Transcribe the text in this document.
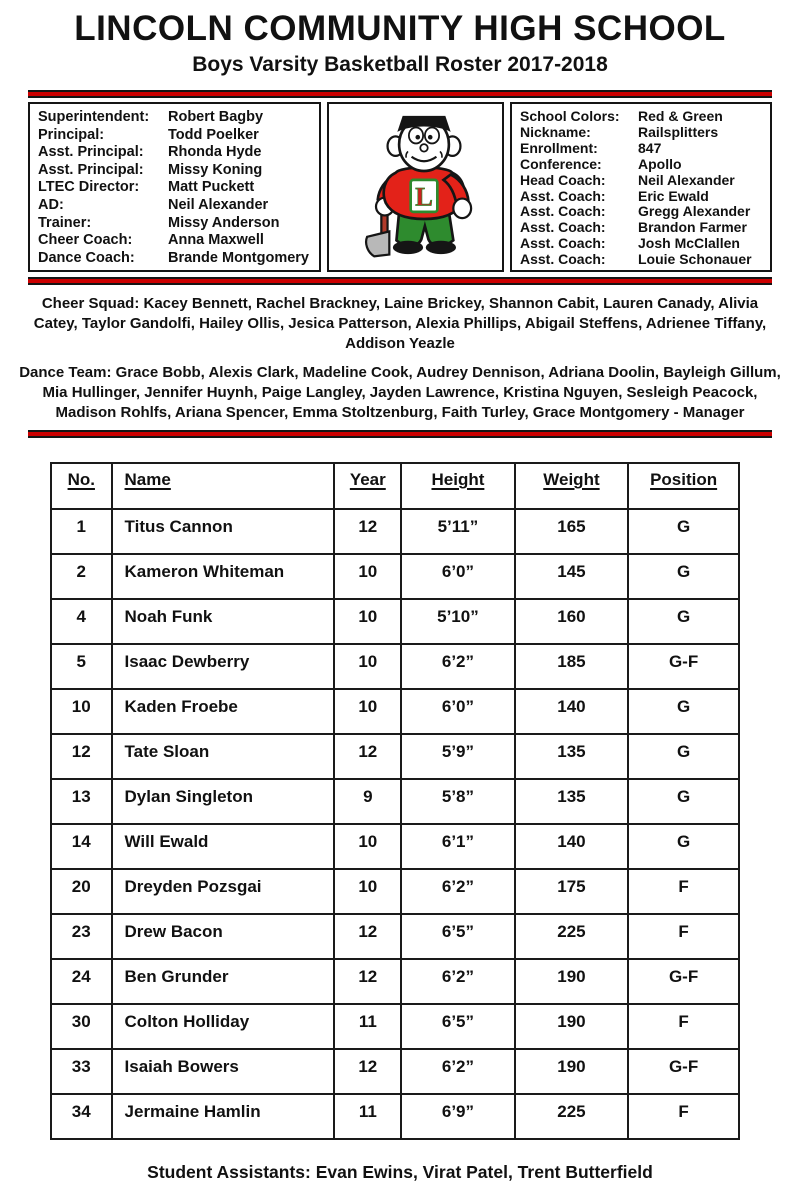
LINCOLN COMMUNITY HIGH SCHOOL
Boys Varsity Basketball Roster 2017-2018
Superintendent:	Robert Bagby
Principal:	Todd Poelker
Asst. Principal:	Rhonda Hyde
Asst. Principal:	Missy Koning
LTEC Director:	Matt Puckett
AD:	Neil Alexander
Trainer:	Missy Anderson
Cheer Coach:	Anna Maxwell
Dance Coach:	Brande Montgomery
L
School Colors:	Red & Green
Nickname:	Railsplitters
Enrollment:	847
Conference:	Apollo
Head Coach:	Neil Alexander
Asst. Coach:	Eric Ewald
Asst. Coach:	Gregg Alexander
Asst. Coach:	Brandon Farmer
Asst. Coach:	Josh McClallen
Asst. Coach:	Louie Schonauer

Cheer Squad: Kacey Bennett, Rachel Brackney, Laine Brickey, Shannon Cabit, Lauren Canady, Alivia Catey, Taylor Gandolfi, Hailey Ollis, Jesica Patterson, Alexia Phillips, Abigail Steffens, Adrienee Tiffany, Addison Yeazle

Dance Team: Grace Bobb, Alexis Clark, Madeline Cook, Audrey Dennison, Adriana Doolin, Bayleigh Gillum, Mia Hullinger, Jennifer Huynh, Paige Langley, Jayden Lawrence, Kristina Nguyen, Sesleigh Peacock, Madison Rohlfs, Ariana Spencer, Emma Stoltzenburg, Faith Turley, Grace Montgomery - Manager

No.	Name	Year	Height	Weight	Position
1	Titus Cannon	12	5’11”	165	G
2	Kameron Whiteman	10	6’0”	145	G
4	Noah Funk	10	5’10”	160	G
5	Isaac Dewberry	10	6’2”	185	G-F
10	Kaden Froebe	10	6’0”	140	G
12	Tate Sloan	12	5’9”	135	G
13	Dylan Singleton	9	5’8”	135	G
14	Will Ewald	10	6’1”	140	G
20	Dreyden Pozsgai	10	6’2”	175	F
23	Drew Bacon	12	6’5”	225	F
24	Ben Grunder	12	6’2”	190	G-F
30	Colton Holliday	11	6’5”	190	F
33	Isaiah Bowers	12	6’2”	190	G-F
34	Jermaine Hamlin	11	6’9”	225	F
Student Assistants: Evan Ewins, Virat Patel, Trent Butterfield
